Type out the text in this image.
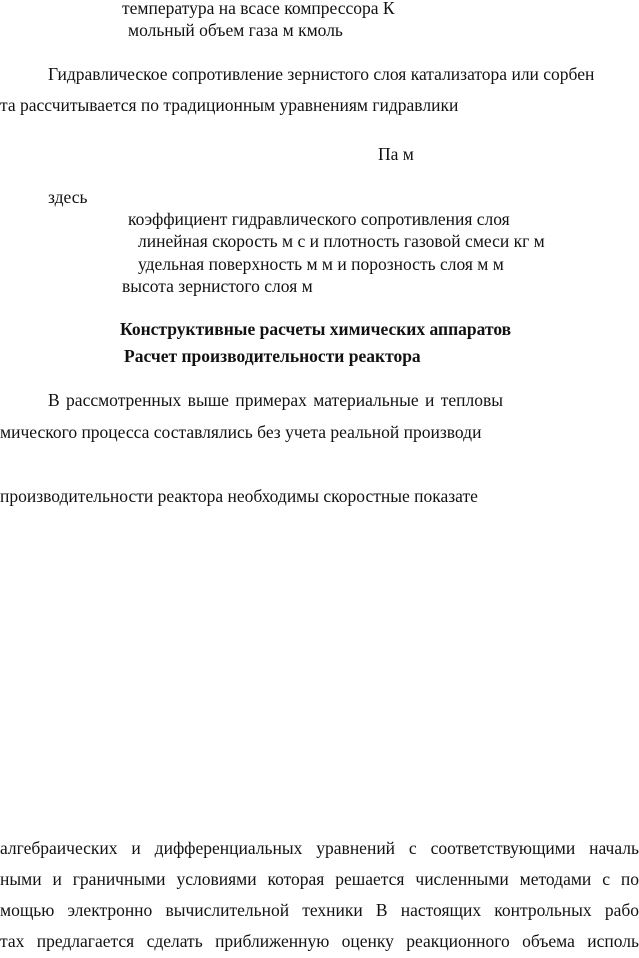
температура на всасе компрессора К
мольный объем газа м кмоль
Гидравлическое сопротивление зернистого слоя катализатора или сорбен
та рассчитывается по традиционным уравнениям гидравлики
Па м
здесь
коэффициент гидравлического сопротивления слоя
линейная скорость м с и плотность газовой смеси кг м
удельная поверхность м м и порозность слоя м м
высота зернистого слоя м
Конструктивные расчеты химических аппаратов
Расчет производительности реактора
В рассмотренных выше примерах материальные и тепловы
мического процесса составлялись без учета реальной производи
производительности реактора необходимы скоростные показате
алгебраических и дифференциальных уравнений с соответствующими началь
ными и граничными условиями которая решается численными методами с по
мощью электронно вычислительной техники В настоящих контрольных рабо
тах предлагается сделать приближенную оценку реакционного объема исполь
